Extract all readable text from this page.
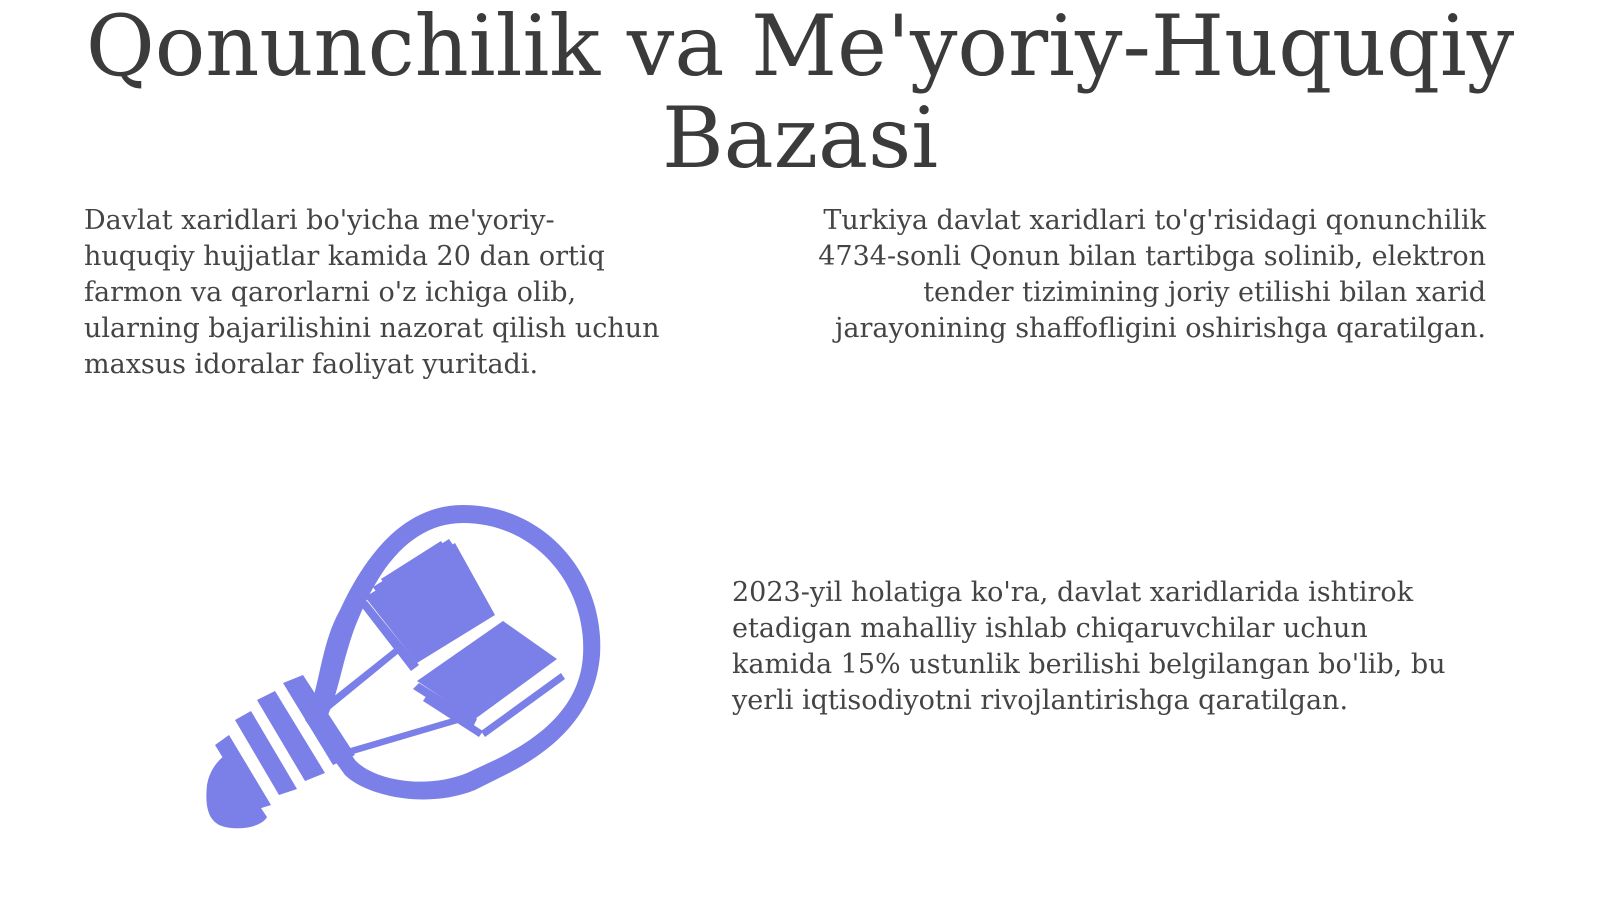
Qonunchilik va Me'yoriy-Huquqiy
Bazasi

Davlat xaridlari bo'yicha me'yoriy-
huquqiy hujjatlar kamida 20 dan ortiq
farmon va qarorlarni o'z ichiga olib,
ularning bajarilishini nazorat qilish uchun
maxsus idoralar faoliyat yuritadi.

Turkiya davlat xaridlari to'g'risidagi qonunchilik
4734-sonli Qonun bilan tartibga solinib, elektron
tender tizimining joriy etilishi bilan xarid
jarayonining shaffofligini oshirishga qaratilgan.

2023-yil holatiga ko'ra, davlat xaridlarida ishtirok
etadigan mahalliy ishlab chiqaruvchilar uchun
kamida 15% ustunlik berilishi belgilangan bo'lib, bu
yerli iqtisodiyotni rivojlantirishga qaratilgan.
